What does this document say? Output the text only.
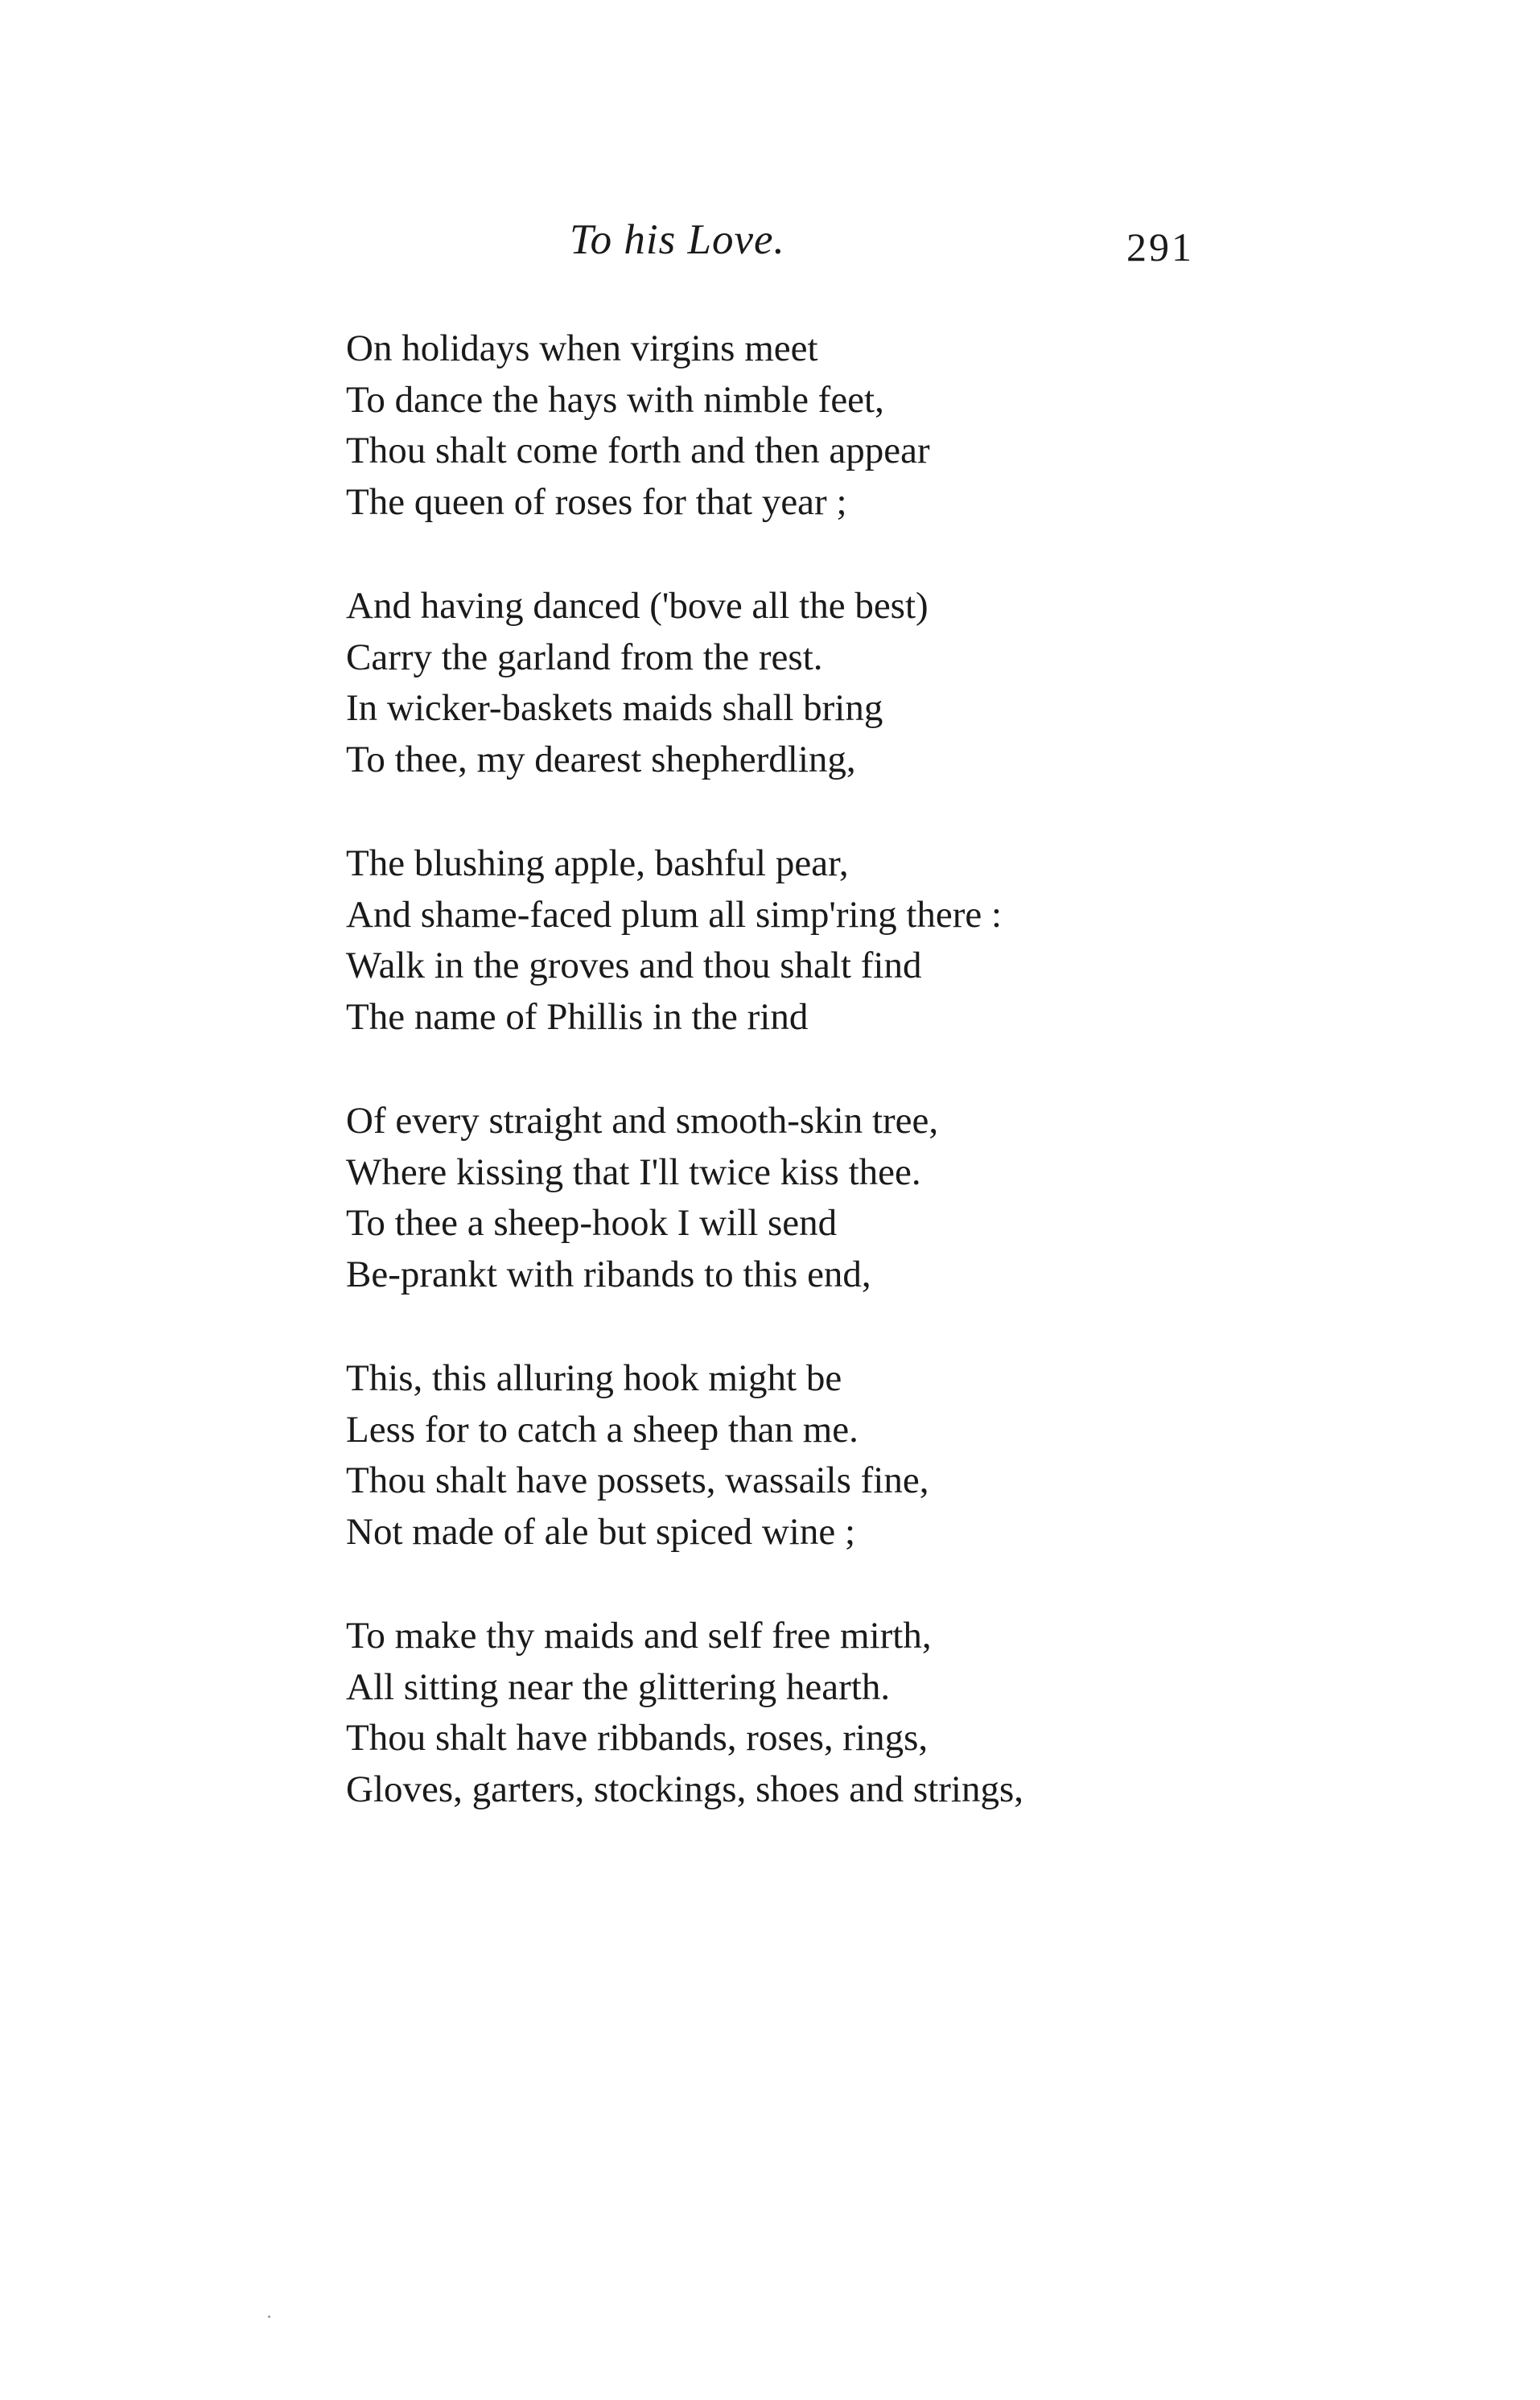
To his Love.	291
On holidays when virgins meet
To dance the hays with nimble feet,
Thou shalt come forth and then appear
The queen of roses for that year ;
And having danced ('bove all the best)
Carry the garland from the rest.
In wicker-baskets maids shall bring
To thee, my dearest shepherdling,
The blushing apple, bashful pear,
And shame-faced plum all simp'ring there :
Walk in the groves and thou shalt find
The name of Phillis in the rind
Of every straight and smooth-skin tree,
Where kissing that I'll twice kiss thee.
To thee a sheep-hook I will send
Be-prankt with ribands to this end,
This, this alluring hook might be
Less for to catch a sheep than me.
Thou shalt have possets, wassails fine,
Not made of ale but spiced wine ;
To make thy maids and self free mirth,
All sitting near the glittering hearth.
Thou shalt have ribbands, roses, rings,
Gloves, garters, stockings, shoes and strings,
